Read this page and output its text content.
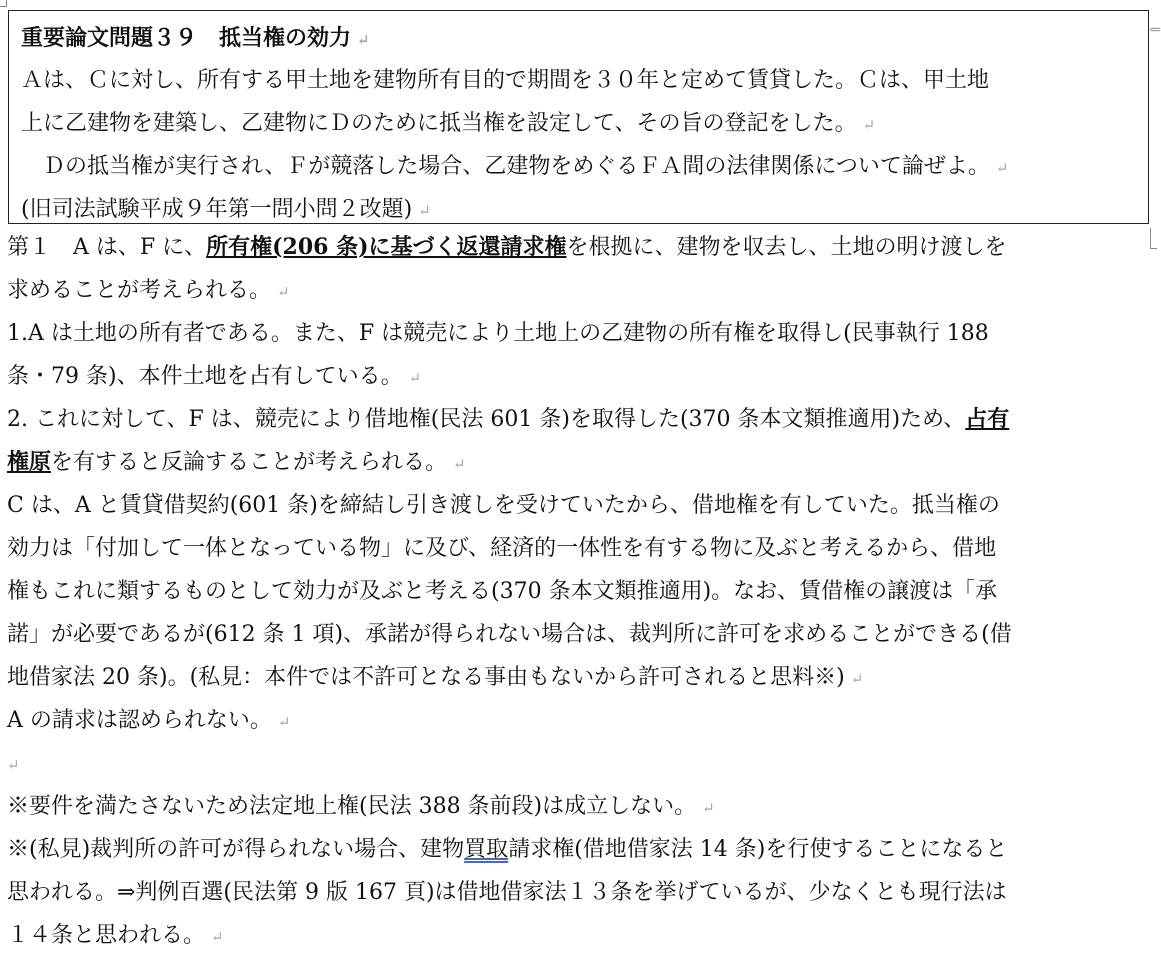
⇐
重要論文問題３９　抵当権の効力 ↵
Ａは、Ｃに対し、所有する甲土地を建物所有目的で期間を３０年と定めて賃貸した。Ｃは、甲土地
上に乙建物を建築し、乙建物にＤのために抵当権を設定して、その旨の登記をした。 ↵
　Ｄの抵当権が実行され、Ｆが競落した場合、乙建物をめぐるＦＡ間の法律関係について論ぜよ。 ↵
(旧司法試験平成９年第一問小問２改題) ↵
第１　A は、F に、所有権(206 条)に基づく返還請求権を根拠に、建物を収去し、土地の明け渡しを
求めることが考えられる。 ↵
1.A は土地の所有者である。また、F は競売により土地上の乙建物の所有権を取得し(民事執行 188
条・79 条)、本件土地を占有している。 ↵
2. これに対して、F は、競売により借地権(民法 601 条)を取得した(370 条本文類推適用)ため、占有
権原を有すると反論することが考えられる。 ↵
C は、A と賃貸借契約(601 条)を締結し引き渡しを受けていたから、借地権を有していた。抵当権の
効力は「付加して一体となっている物」に及び、経済的一体性を有する物に及ぶと考えるから、借地
権もこれに類するものとして効力が及ぶと考える(370 条本文類推適用)。なお、賃借権の譲渡は「承
諾」が必要であるが(612 条 1 項)、承諾が得られない場合は、裁判所に許可を求めることができる(借
地借家法 20 条)。(私見：本件では不許可となる事由もないから許可されると思料※) ↵
A の請求は認められない。 ↵
↵
※要件を満たさないため法定地上権(民法 388 条前段)は成立しない。 ↵
※(私見)裁判所の許可が得られない場合、建物買取請求権(借地借家法 14 条)を行使することになると
思われる。⇒判例百選(民法第 9 版 167 頁)は借地借家法１３条を挙げているが、少なくとも現行法は
１４条と思われる。 ↵
